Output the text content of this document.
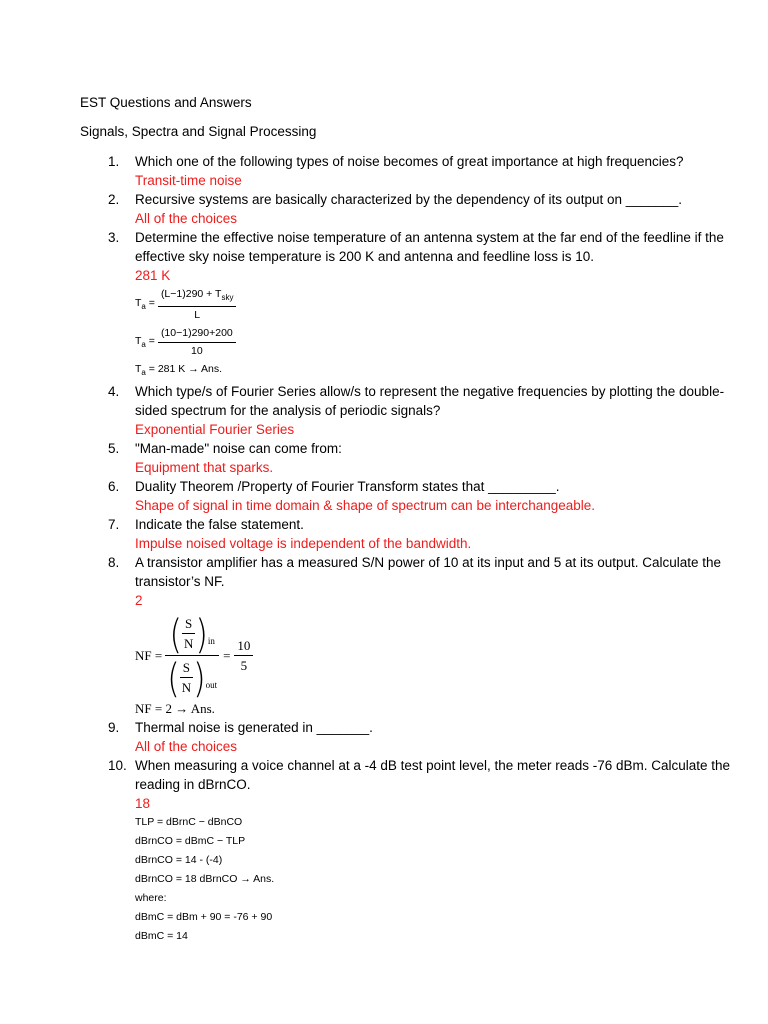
EST Questions and Answers
Signals, Spectra and Signal Processing
1.	Which one of the following types of noise becomes of great importance at high frequencies?
Transit-time noise
2.	Recursive systems are basically characterized by the dependency of its output on _______.
All of the choices
3.	Determine the effective noise temperature of an antenna system at the far end of the feedline if the effective sky noise temperature is 200 K and antenna and feedline loss is 10.
281 K
$T_a = \frac{(L-1)290 + T_{sky}}{L}$
$T_a = \frac{(10-1)290+200}{10}$
$T_a = 281$ K → Ans.
4.	Which type/s of Fourier Series allow/s to represent the negative frequencies by plotting the double-sided spectrum for the analysis of periodic signals?
Exponential Fourier Series
5.	"Man-made" noise can come from:
Equipment that sparks.
6.	Duality Theorem /Property of Fourier Transform states that _________.
Shape of signal in time domain & shape of spectrum can be interchangeable.
7.	Indicate the false statement.
Impulse noised voltage is independent of the bandwidth.
8.	A transistor amplifier has a measured S/N power of 10 at its input and 5 at its output. Calculate the transistor’s NF.
2
NF = ( S
N ) in
( S
N ) out
= $\frac{10}{5}$
NF = 2 → Ans.
9.	Thermal noise is generated in _______.
All of the choices
10. When measuring a voice channel at a -4 dB test point level, the meter reads -76 dBm. Calculate the reading in dBrnCO.
18
TLP = dBrnC − dBnCO
dBrnCO = dBmC − TLP
dBrnCO = 14 - (-4)
dBrnCO = 18 dBrnCO → Ans.
where:
dBmC = dBm + 90 = -76 + 90
dBmC = 14
